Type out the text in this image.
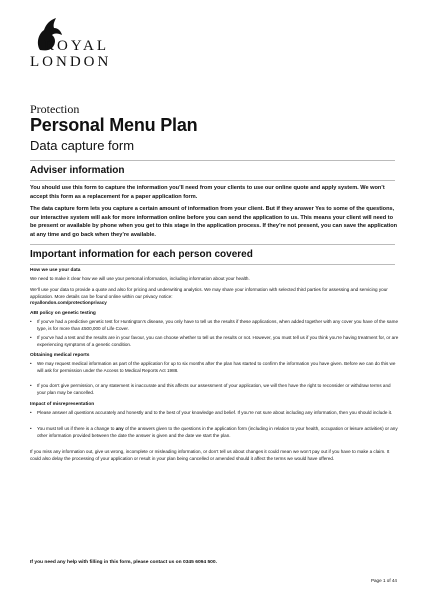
ROYAL
LONDON
Protection
Personal Menu Plan
Data capture form
Adviser information
You should use this form to capture the information you’ll need from your clients to use our online quote and apply system. We won’t accept this form as a replacement for a paper application form.
The data capture form lets you capture a certain amount of information from your client. But if they answer Yes to some of the questions, our interactive system will ask for more information online before you can send the application to us. This means your client will need to be present or available by phone when you get to this stage in the application process. If they’re not present, you can save the application at any time and go back when they’re available.
Important information for each person covered
How we use your data
We need to make it clear how we will use your personal information, including information about your health.
We’ll use your data to provide a quote and also for pricing and underwriting analytics. We may share your information with selected third parties for assessing and servicing your application. More details can be found online within our privacy notice:
royallondon.com/protectionprivacy
ABI policy on genetic testing
• If you’ve had a predictive genetic test for Huntington’s disease, you only have to tell us the results if these applications, when added together with any cover you have of the same type, is for more than £500,000 of Life Cover.
• If you’ve had a test and the results are in your favour, you can choose whether to tell us the results or not. However, you must tell us if you think you’re having treatment for, or are experiencing symptoms of a genetic condition.
Obtaining medical reports
• We may request medical information as part of the application for up to six months after the plan has started to confirm the information you have given. Before we can do this we will ask for permission under the Access to Medical Reports Act 1988.
• If you don’t give permission, or any statement is inaccurate and this affects our assessment of your application, we will then have the right to reconsider or withdraw terms and your plan may be cancelled.
Impact of misrepresentation
• Please answer all questions accurately and honestly and to the best of your knowledge and belief. If you’re not sure about including any information, then you should include it.
• You must tell us if there is a change to any of the answers given to the questions in the application form (including in relation to your health, occupation or leisure activities) or any other information provided between the date the answer is given and the date we start the plan.
If you miss any information out, give us wrong, incomplete or misleading information, or don’t tell us about changes it could mean we won’t pay out if you have to make a claim. It could also delay the processing of your application or result in your plan being cancelled or amended should it affect the terms we would have offered.
If you need any help with filling in this form, please contact us on 0345 6094 500.
Page 1 of 44
